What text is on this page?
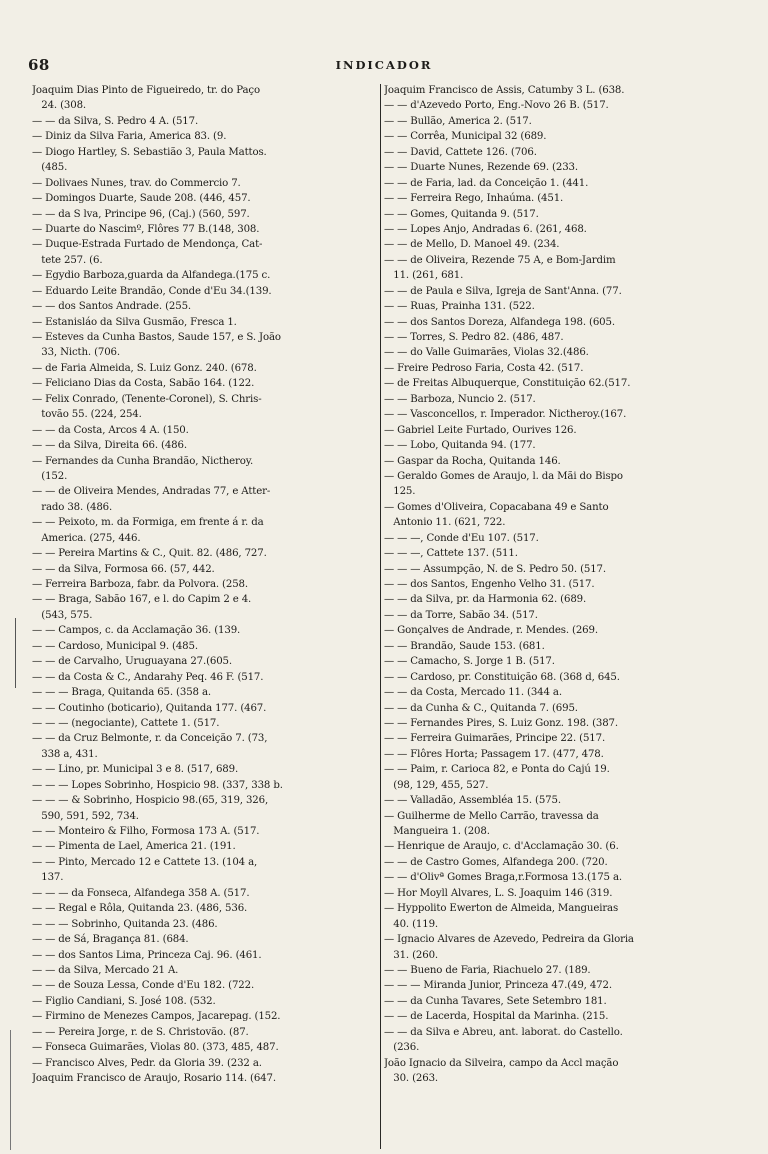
68	INDICADOR
Joaquim Dias Pinto de Figueiredo, tr. do Paço
24. (308.
— — da Silva, S. Pedro 4 A. (517.
— Diniz da Silva Faria, America 83. (9.
— Diogo Hartley, S. Sebastião 3, Paula Mattos.
(485.
— Dolivaes Nunes, trav. do Commercio 7.
— Domingos Duarte, Saude 208. (446, 457.
— — da S lva, Principe 96, (Caj.) (560, 597.
— Duarte do Nascimº, Flôres 77 B.(148, 308.
— Duque-Estrada Furtado de Mendonça, Cat-
tete 257. (6.
— Egydio Barboza,guarda da Alfandega.(175 c.
— Eduardo Leite Brandão, Conde d'Eu 34.(139.
— — dos Santos Andrade. (255.
— Estanisláo da Silva Gusmão, Fresca 1.
— Esteves da Cunha Bastos, Saude 157, e S. João
33, Nicth. (706.
— de Faria Almeida, S. Luiz Gonz. 240. (678.
— Feliciano Dias da Costa, Sabão 164. (122.
— Felix Conrado, (Tenente-Coronel), S. Chris-
tovão 55. (224, 254.
— — da Costa, Arcos 4 A. (150.
— — da Silva, Direita 66. (486.
— Fernandes da Cunha Brandão, Nictheroy.
(152.
— — de Oliveira Mendes, Andradas 77, e Atter-
rado 38. (486.
— — Peixoto, m. da Formiga, em frente á r. da
America. (275, 446.
— — Pereira Martins & C., Quit. 82. (486, 727.
— — da Silva, Formosa 66. (57, 442.
— Ferreira Barboza, fabr. da Polvora. (258.
— — Braga, Sabão 167, e l. do Capim 2 e 4.
(543, 575.
— — Campos, c. da Acclamação 36. (139.
— — Cardoso, Municipal 9. (485.
— — de Carvalho, Uruguayana 27.(605.
— — da Costa & C., Andarahy Peq. 46 F. (517.
— — — Braga, Quitanda 65. (358 a.
— — Coutinho (boticario), Quitanda 177. (467.
— — — (negociante), Cattete 1. (517.
— — da Cruz Belmonte, r. da Conceição 7. (73,
338 a, 431.
— — Lino, pr. Municipal 3 e 8. (517, 689.
— — — Lopes Sobrinho, Hospicio 98. (337, 338 b.
— — — & Sobrinho, Hospicio 98.(65, 319, 326,
590, 591, 592, 734.
— — Monteiro & Filho, Formosa 173 A. (517.
— — Pimenta de Lael, America 21. (191.
— — Pinto, Mercado 12 e Cattete 13. (104 a,
137.
— — — da Fonseca, Alfandega 358 A. (517.
— — Regal e Rôla, Quitanda 23. (486, 536.
— — — Sobrinho, Quitanda 23. (486.
— — de Sá, Bragança 81. (684.
— — dos Santos Lima, Princeza Caj. 96. (461.
— — da Silva, Mercado 21 A.
— — de Souza Lessa, Conde d'Eu 182. (722.
— Figlio Candiani, S. José 108. (532.
— Firmino de Menezes Campos, Jacarepag. (152.
— — Pereira Jorge, r. de S. Christovão. (87.
— Fonseca Guimarães, Violas 80. (373, 485, 487.
— Francisco Alves, Pedr. da Gloria 39. (232 a.
Joaquim Francisco de Araujo, Rosario 114. (647.
Joaquim Francisco de Assis, Catumby 3 L. (638.
— — d'Azevedo Porto, Eng.-Novo 26 B. (517.
— — Bullão, America 2. (517.
— — Corrêa, Municipal 32 (689.
— — David, Cattete 126. (706.
— — Duarte Nunes, Rezende 69. (233.
— — de Faria, lad. da Conceição 1. (441.
— — Ferreira Rego, Inhaúma. (451.
— — Gomes, Quitanda 9. (517.
— — Lopes Anjo, Andradas 6. (261, 468.
— — de Mello, D. Manoel 49. (234.
— — de Oliveira, Rezende 75 A, e Bom-Jardim
11. (261, 681.
— — de Paula e Silva, Igreja de Sant'Anna. (77.
— — Ruas, Prainha 131. (522.
— — dos Santos Doreza, Alfandega 198. (605.
— — Torres, S. Pedro 82. (486, 487.
— — do Valle Guimarães, Violas 32.(486.
— Freire Pedroso Faria, Costa 42. (517.
— de Freitas Albuquerque, Constituição 62.(517.
— — Barboza, Nuncio 2. (517.
— — Vasconcellos, r. Imperador. Nictheroy.(167.
— Gabriel Leite Furtado, Ourives 126.
— — Lobo, Quitanda 94. (177.
— Gaspar da Rocha, Quitanda 146.
— Geraldo Gomes de Araujo, l. da Mãi do Bispo
125.
— Gomes d'Oliveira, Copacabana 49 e Santo
Antonio 11. (621, 722.
— — —, Conde d'Eu 107. (517.
— — —, Cattete 137. (511.
— — — Assumpção, N. de S. Pedro 50. (517.
— — dos Santos, Engenho Velho 31. (517.
— — da Silva, pr. da Harmonia 62. (689.
— — da Torre, Sabão 34. (517.
— Gonçalves de Andrade, r. Mendes. (269.
— — Brandão, Saude 153. (681.
— — Camacho, S. Jorge 1 B. (517.
— — Cardoso, pr. Constituição 68. (368 d, 645.
— — da Costa, Mercado 11. (344 a.
— — da Cunha & C., Quitanda 7. (695.
— — Fernandes Pires, S. Luiz Gonz. 198. (387.
— — Ferreira Guimarães, Principe 22. (517.
— — Flôres Horta; Passagem 17. (477, 478.
— — Paim, r. Carioca 82, e Ponta do Cajú 19.
(98, 129, 455, 527.
— — Valladão, Assembléa 15. (575.
— Guilherme de Mello Carrão, travessa da
Mangueira 1. (208.
— Henrique de Araujo, c. d'Acclamação 30. (6.
— — de Castro Gomes, Alfandega 200. (720.
— — d'Olivª Gomes Braga,r.Formosa 13.(175 a.
— Hor Moyll Alvares, L. S. Joaquim 146 (319.
— Hyppolito Ewerton de Almeida, Mangueiras
40. (119.
— Ignacio Alvares de Azevedo, Pedreira da Gloria
31. (260.
— — Bueno de Faria, Riachuelo 27. (189.
— — — Miranda Junior, Princeza 47.(49, 472.
— — da Cunha Tavares, Sete Setembro 181.
— — de Lacerda, Hospital da Marinha. (215.
— — da Silva e Abreu, ant. laborat. do Castello.
(236.
João Ignacio da Silveira, campo da Accl mação
30. (263.
